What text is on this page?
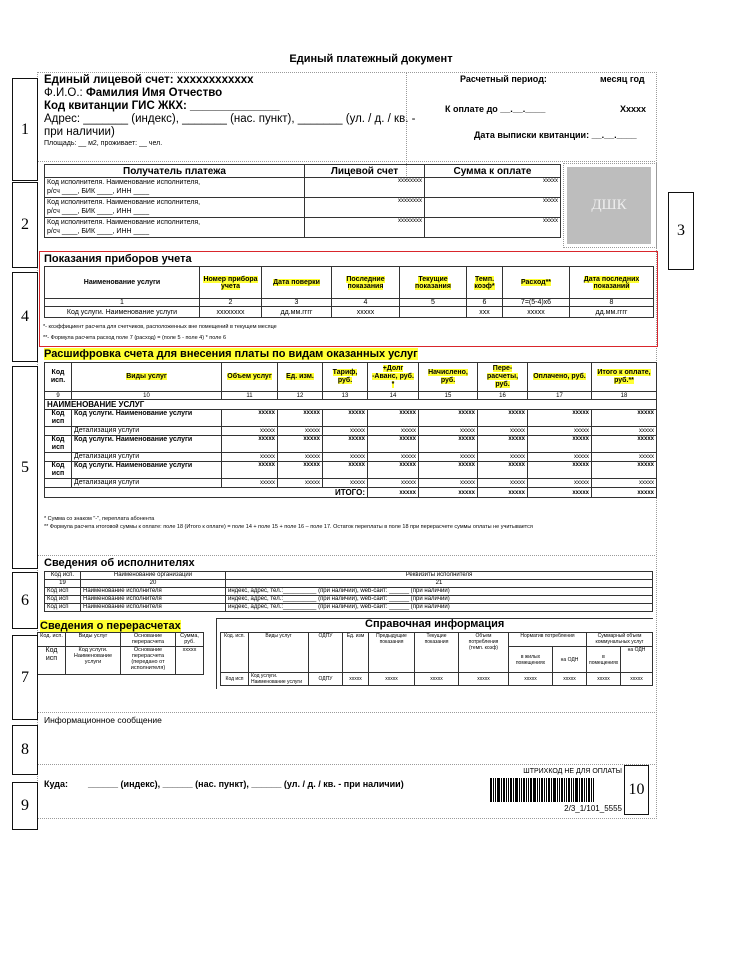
Единый платежный документ
Единый лицевой счет: xxxxxxxxxxxx
Ф.И.О.: Фамилия Имя Отчество
Код квитанции ГИС ЖКХ: ______________
Адрес: _______ (индекс), _______ (нас. пункт), _______ (ул. / д. / кв. -
при наличии)
Площадь: __ м2, проживает: __ чел.
Расчетный период:	месяц год
К оплате до __.__.____	Xxxxx
Дата выписки квитанции: __.__.____
Получатель платежа	Лицевой счет	Сумма к оплате

Код исполнителя. Наименование исполнителя,
р/сч ____, БИК ____, ИНН ____	xxxxxxxx	xxxxx

Код исполнителя. Наименование исполнителя,
р/сч ____, БИК ____, ИНН ____	xxxxxxxx	xxxxx

Код исполнителя. Наименование исполнителя,
р/сч ____, БИК ____, ИНН ____	xxxxxxxx	xxxxx
ДШК
Показания приборов учета
Наименование услуги	Номер прибора учета	Дата поверки	Последние показания	Текущие показания	Темп. коэф*	Расход**	Дата последних показаний
1	2	3	4	5	6	7=(5-4)x6	8
Код услуги. Наименование услуги	xxxxxxxx	дд.мм.гггг	xxxxx		xxx	xxxxx	дд.мм.гггг
*- коэффициент расчета для счетчиков, расположенных вне помещений в текущем месяце
**- Формула расчета расход поле 7 (расход) = (поле 5 - поле 4) * поле 6
Расшифровка счета для внесения платы по видам оказанных услуг
Код исп.	Виды услуг	Объем услуг	Ед. изм.	Тариф, руб.	+Долг -Аванс, руб. *	Начислено, руб.	Пере-расчеты, руб.	Оплачено, руб.	Итого к оплате, руб.**
9	10	11	12	13	14	15	16	17	18
НАИМЕНОВАНИЕ УСЛУГ									
Код исп	Код услуги. Наименование услуги	xxxxx	xxxxx	xxxxx	xxxxx	xxxxx	xxxxx	xxxxx	xxxxx
	Детализация услуги	xxxxx	xxxxx	xxxxx	xxxxx	xxxxx	xxxxx	xxxxx	xxxxx
Код исп	Код услуги. Наименование услуги	xxxxx	xxxxx	xxxxx	xxxxx	xxxxx	xxxxx	xxxxx	xxxxx
	Детализация услуги	xxxxx	xxxxx	xxxxx	xxxxx	xxxxx	xxxxx	xxxxx	xxxxx
Код исп	Код услуги. Наименование услуги	xxxxx	xxxxx	xxxxx	xxxxx	xxxxx	xxxxx	xxxxx	xxxxx
	Детализация услуги	xxxxx	xxxxx	xxxxx	xxxxx	xxxxx	xxxxx	xxxxx	xxxxx
ИТОГО:					xxxxx	xxxxx	xxxxx	xxxxx	xxxxx
* Сумма со знаком "-", переплата абонента
** Формула расчета итоговой суммы к оплате: поле 18 (Итого к оплате) = поле 14 + поле 15 + поле 16 – поле 17. Остаток переплаты в поле 18 при перерасчете суммы оплаты не учитывается
Сведения об исполнителях
Код исп.	Наименование организации	Реквизиты исполнителя
19	20	21
Код исп	Наименование исполнителя	индекс, адрес, тел.:__________ (при наличии), web-сайт: ______ (при наличии)
Код исп	Наименование исполнителя	индекс, адрес, тел.:__________ (при наличии), web-сайт: ______ (при наличии)
Код исп	Наименование исполнителя	индекс, адрес, тел.:__________ (при наличии), web-сайт: ______ (при наличии)
Сведения о перерасчетах
Код. исп.	Виды услуг	Основание перерасчета	Сумма, руб.
Код исп	Код услуги. Наименование услуги	Основание перерасчета (передано от исполнителя)	xxxxx
Справочная информация
Код. исп.	Виды услуг	ОДПУ	Ед. изм	Предыдущие показания	Текущие показания	Объем потребления (темп. коэф)	Норматив потребления		Суммарный объем коммунальных услуг	
							в жилых помещениях	на ОДН	в помещениях	на ОДН
Код исп	Код услуги. Наименование услуги	ОДПУ	xxxxx	xxxxx	xxxxx	xxxxx	xxxxx	xxxxx	xxxxx	xxxxx
Информационное сообщение
Куда: ______ (индекс), ______ (нас. пункт), ______ (ул. / д. / кв. - при наличии)
ШТРИХКОД НЕ ДЛЯ ОПЛАТЫ
2/3_1/101_5555
1
2	3
4
5
6
7
8
9
10
